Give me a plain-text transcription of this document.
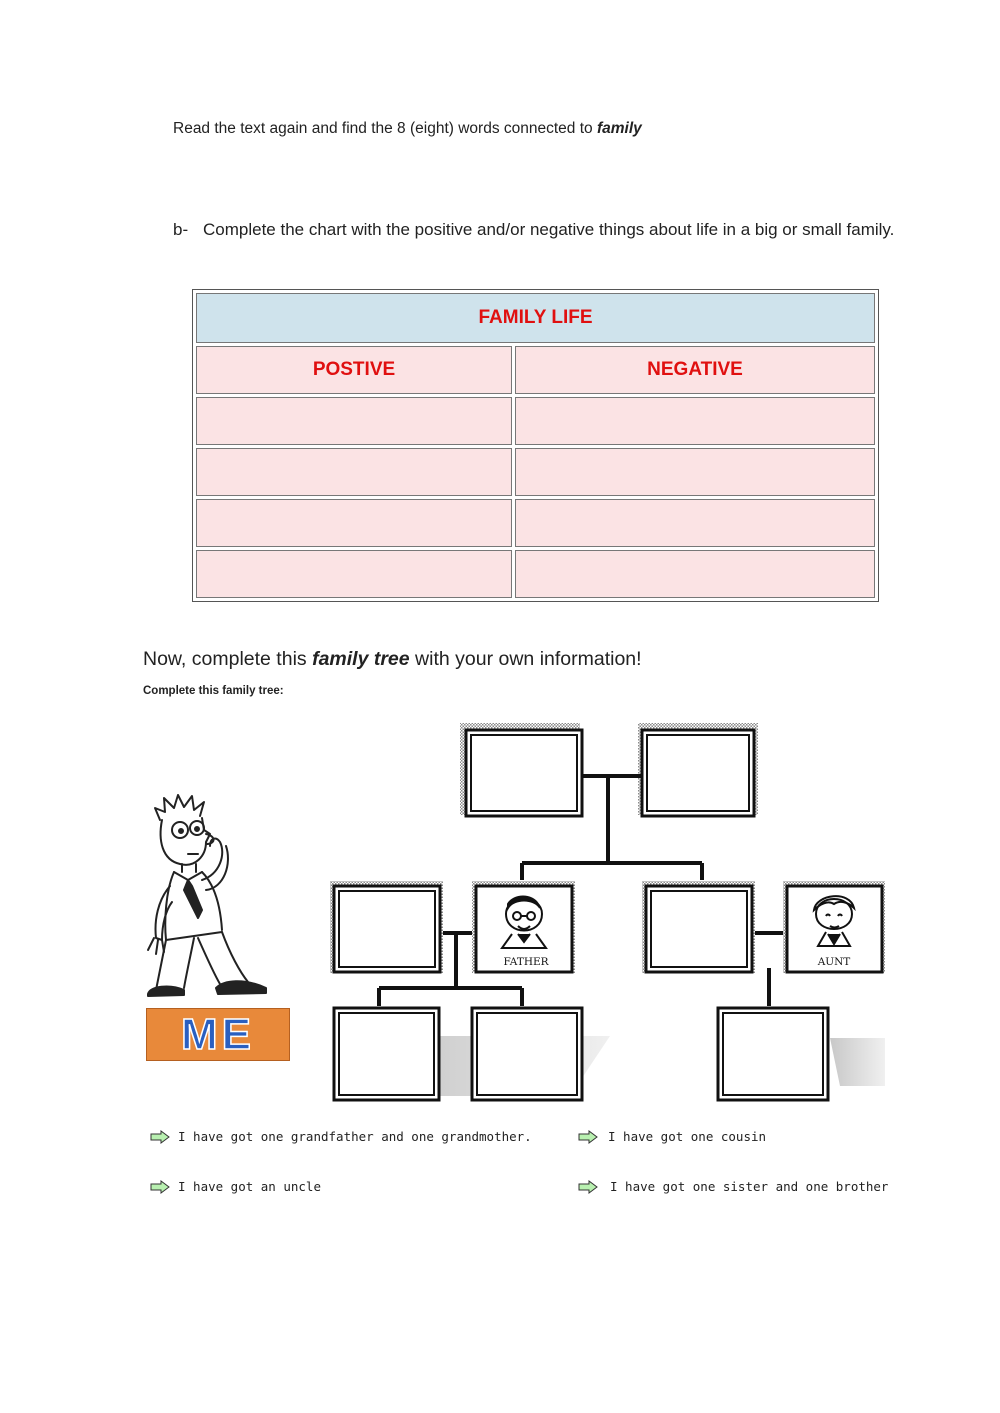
Read the text again and find the 8 (eight) words connected to family
b- Complete the chart with the positive and/or negative things about life in a big or small family.
FAMILY LIFE	
POSTIVE	NEGATIVE

Now, complete this family tree with your own information!
Complete this family tree:
ME
FATHER	AUNT
I have got one grandfather and one grandmother.	I have got one cousin
I have got an uncle	I have got one sister and one brother
